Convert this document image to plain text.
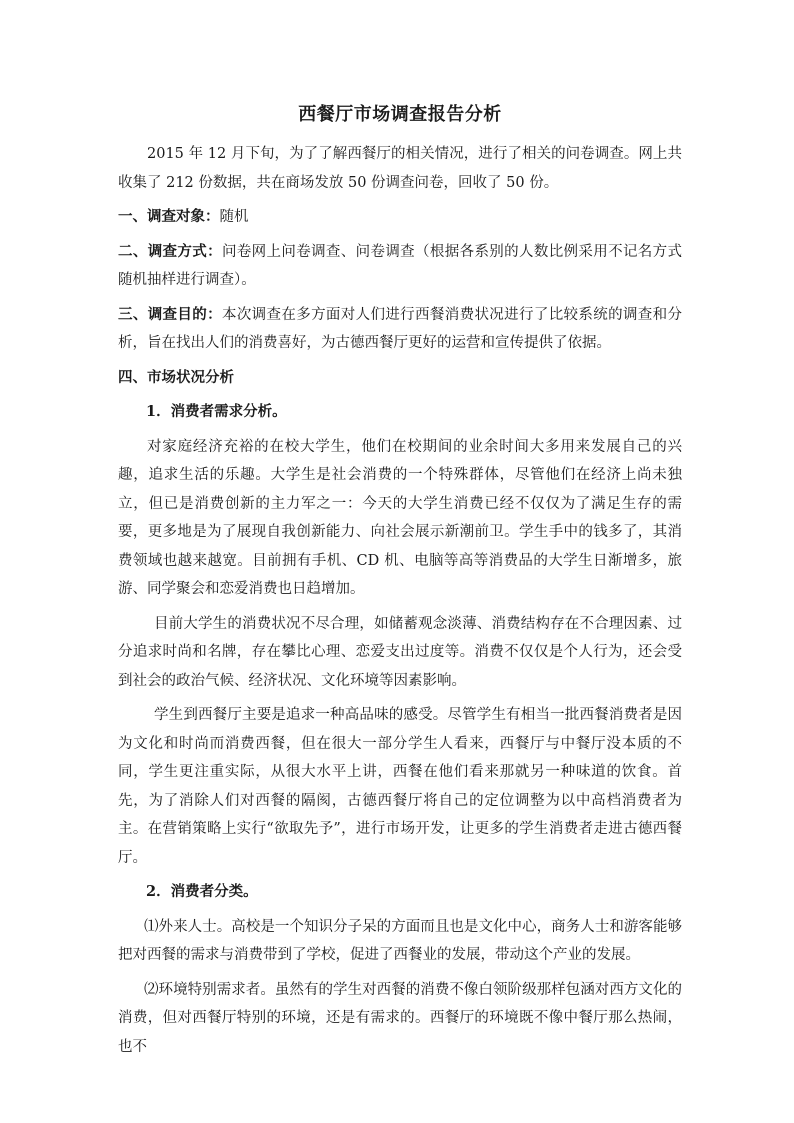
西餐厅市场调查报告分析

2015 年 12 月下旬，为了了解西餐厅的相关情况，进行了相关的问卷调查。网上共收集了 212 份数据，共在商场发放 50 份调查问卷，回收了 50 份。

一、调查对象：随机

二、调查方式：问卷网上问卷调查、问卷调查（根据各系别的人数比例采用不记名方式随机抽样进行调查）。

三、调查目的：本次调查在多方面对人们进行西餐消费状况进行了比较系统的调查和分析，旨在找出人们的消费喜好，为古德西餐厅更好的运营和宣传提供了依据。

四、市场状况分析

1．消费者需求分析。

对家庭经济充裕的在校大学生，他们在校期间的业余时间大多用来发展自己的兴趣，追求生活的乐趣。大学生是社会消费的一个特殊群体，尽管他们在经济上尚未独立，但已是消费创新的主力军之一：今天的大学生消费已经不仅仅为了满足生存的需要，更多地是为了展现自我创新能力、向社会展示新潮前卫。学生手中的钱多了，其消费领域也越来越宽。目前拥有手机、CD 机、电脑等高等消费品的大学生日渐增多，旅游、同学聚会和恋爱消费也日趋增加。

目前大学生的消费状况不尽合理，如储蓄观念淡薄、消费结构存在不合理因素、过分追求时尚和名牌，存在攀比心理、恋爱支出过度等。消费不仅仅是个人行为，还会受到社会的政治气候、经济状况、文化环境等因素影响。

学生到西餐厅主要是追求一种高品味的感受。尽管学生有相当一批西餐消费者是因为文化和时尚而消费西餐，但在很大一部分学生人看来，西餐厅与中餐厅没本质的不同，学生更注重实际，从很大水平上讲，西餐在他们看来那就另一种味道的饮食。首先，为了消除人们对西餐的隔阂，古德西餐厅将自己的定位调整为以中高档消费者为主。在营销策略上实行“欲取先予”，进行市场开发，让更多的学生消费者走进古德西餐厅。

2．消费者分类。

⑴外来人士。高校是一个知识分子呆的方面而且也是文化中心，商务人士和游客能够把对西餐的需求与消费带到了学校，促进了西餐业的发展，带动这个产业的发展。

⑵环境特别需求者。虽然有的学生对西餐的消费不像白领阶级那样包涵对西方文化的消费，但对西餐厅特别的环境，还是有需求的。西餐厅的环境既不像中餐厅那么热闹，也不
